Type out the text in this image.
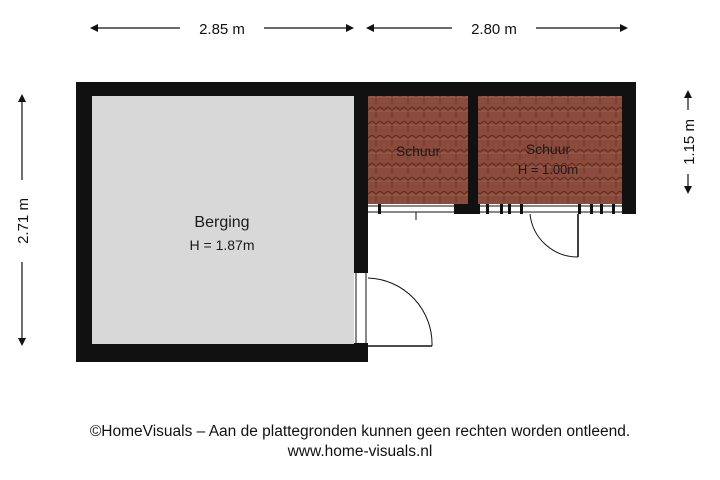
2.85 m	2.80 m
2.71 m
1.15 m
Berging
H = 1.87m
Schuur	Schuur
H = 1.00m
©HomeVisuals – Aan de plattegronden kunnen geen rechten worden ontleend.
www.home-visuals.nl
